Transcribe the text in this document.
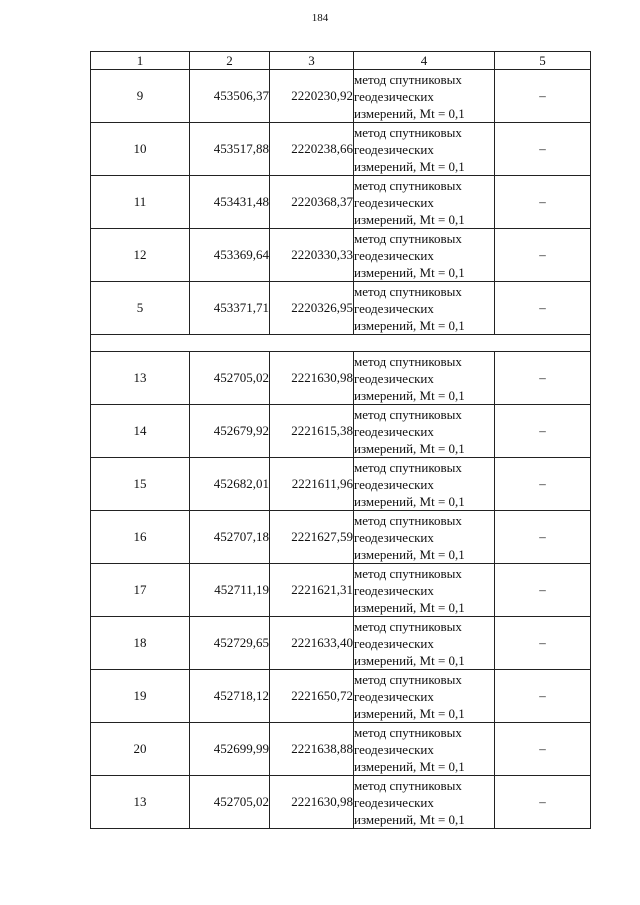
184
1	2	3	4	5
9	453506,37	2220230,92	метод спутниковых
геодезических
измерений, Mt = 0,1	–
10	453517,88	2220238,66	метод спутниковых
геодезических
измерений, Mt = 0,1	–
11	453431,48	2220368,37	метод спутниковых
геодезических
измерений, Mt = 0,1	–
12	453369,64	2220330,33	метод спутниковых
геодезических
измерений, Mt = 0,1	–
5	453371,71	2220326,95	метод спутниковых
геодезических
измерений, Mt = 0,1	–

13	452705,02	2221630,98	метод спутниковых
геодезических
измерений, Mt = 0,1	–
14	452679,92	2221615,38	метод спутниковых
геодезических
измерений, Mt = 0,1	–
15	452682,01	2221611,96	метод спутниковых
геодезических
измерений, Mt = 0,1	–
16	452707,18	2221627,59	метод спутниковых
геодезических
измерений, Mt = 0,1	–
17	452711,19	2221621,31	метод спутниковых
геодезических
измерений, Mt = 0,1	–
18	452729,65	2221633,40	метод спутниковых
геодезических
измерений, Mt = 0,1	–
19	452718,12	2221650,72	метод спутниковых
геодезических
измерений, Mt = 0,1	–
20	452699,99	2221638,88	метод спутниковых
геодезических
измерений, Mt = 0,1	–
13	452705,02	2221630,98	метод спутниковых
геодезических
измерений, Mt = 0,1	–
